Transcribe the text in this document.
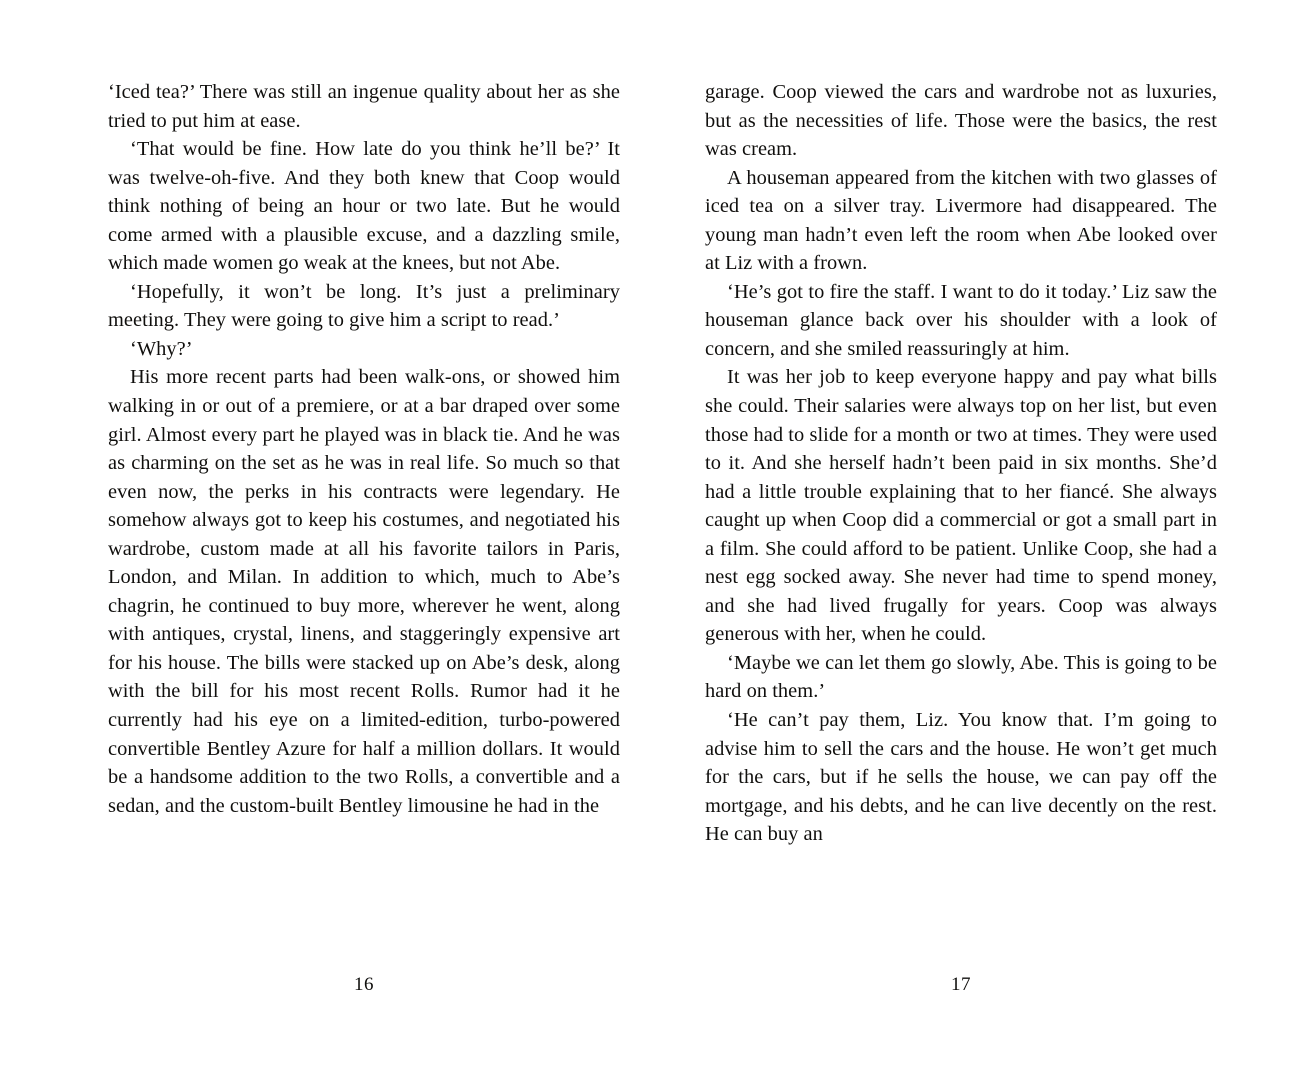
‘Iced tea?’ There was still an ingenue quality about her as she tried to put him at ease.

‘That would be fine. How late do you think he’ll be?’ It was twelve-oh-five. And they both knew that Coop would think nothing of being an hour or two late. But he would come armed with a plausible excuse, and a dazzling smile, which made women go weak at the knees, but not Abe.

‘Hopefully, it won’t be long. It’s just a preliminary meeting. They were going to give him a script to read.’

‘Why?’

His more recent parts had been walk-ons, or showed him walking in or out of a premiere, or at a bar draped over some girl. Almost every part he played was in black tie. And he was as charming on the set as he was in real life. So much so that even now, the perks in his contracts were legendary. He somehow always got to keep his costumes, and negotiated his wardrobe, custom made at all his favorite tailors in Paris, London, and Milan. In addition to which, much to Abe’s chagrin, he continued to buy more, wherever he went, along with antiques, crystal, linens, and staggeringly expensive art for his house. The bills were stacked up on Abe’s desk, along with the bill for his most recent Rolls. Rumor had it he currently had his eye on a limited-edition, turbo-powered convertible Bentley Azure for half a million dollars. It would be a handsome addition to the two Rolls, a convertible and a sedan, and the custom-built Bentley limousine he had in the

16

garage. Coop viewed the cars and wardrobe not as luxuries, but as the necessities of life. Those were the basics, the rest was cream.

A houseman appeared from the kitchen with two glasses of iced tea on a silver tray. Livermore had disappeared. The young man hadn’t even left the room when Abe looked over at Liz with a frown.

‘He’s got to fire the staff. I want to do it today.’ Liz saw the houseman glance back over his shoulder with a look of concern, and she smiled reassuringly at him.

It was her job to keep everyone happy and pay what bills she could. Their salaries were always top on her list, but even those had to slide for a month or two at times. They were used to it. And she herself hadn’t been paid in six months. She’d had a little trouble explaining that to her fiancé. She always caught up when Coop did a commercial or got a small part in a film. She could afford to be patient. Unlike Coop, she had a nest egg socked away. She never had time to spend money, and she had lived frugally for years. Coop was always generous with her, when he could.

‘Maybe we can let them go slowly, Abe. This is going to be hard on them.’

‘He can’t pay them, Liz. You know that. I’m going to advise him to sell the cars and the house. He won’t get much for the cars, but if he sells the house, we can pay off the mortgage, and his debts, and he can live decently on the rest. He can buy an

17
